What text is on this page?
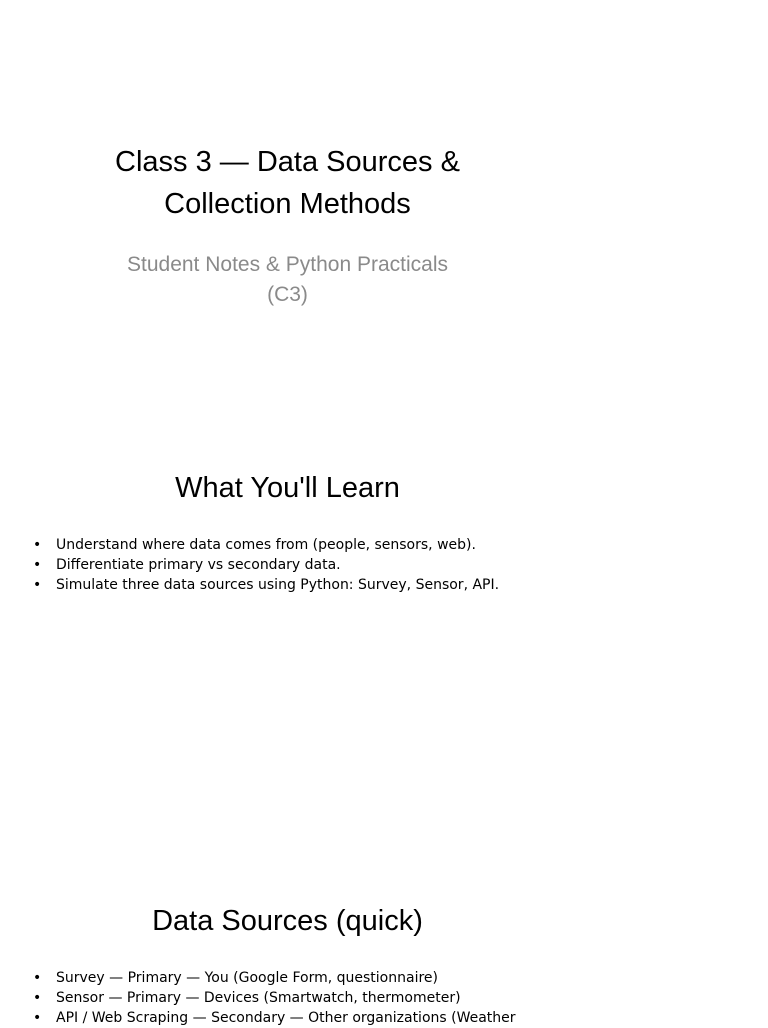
Class 3 — Data Sources &
Collection Methods

Student Notes & Python Practicals
(C3)

What You'll Learn
•	Understand where data comes from (people, sensors, web).
•	Differentiate primary vs secondary data.
•	Simulate three data sources using Python: Survey, Sensor, API.
Data Sources (quick)
•	Survey — Primary — You (Google Form, questionnaire)
•	Sensor — Primary — Devices (Smartwatch, thermometer)
•	API / Web Scraping — Secondary — Other organizations (Weather
